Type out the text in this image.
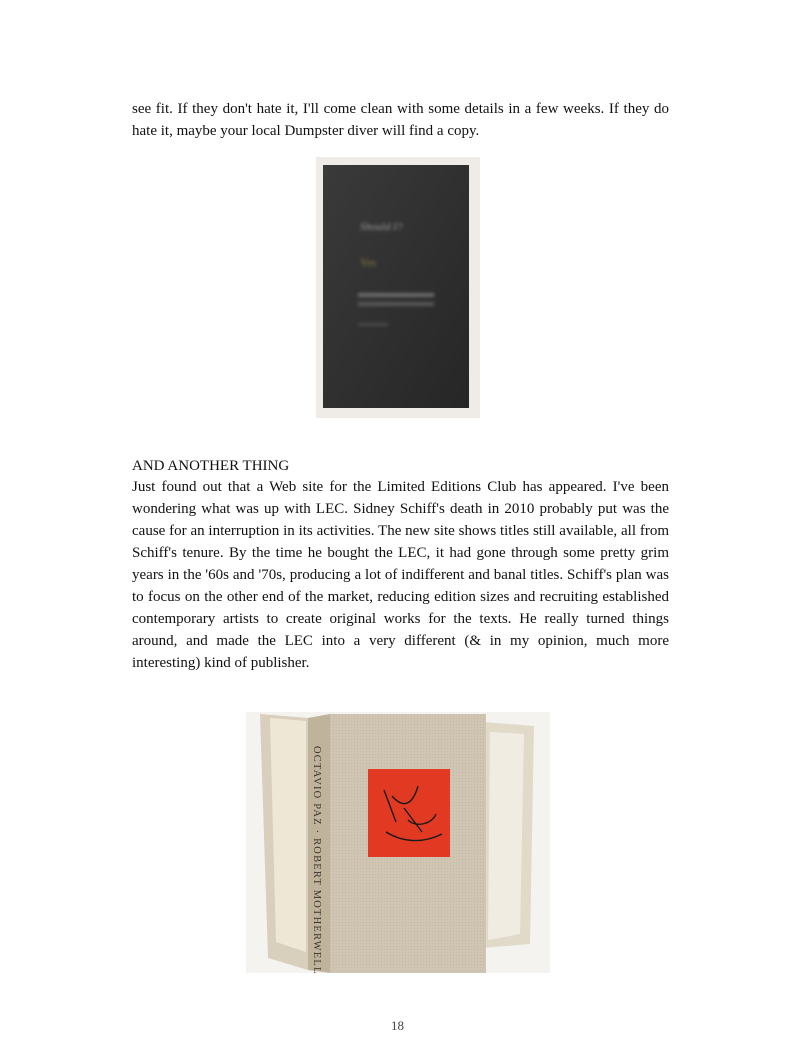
see fit. If they don't hate it, I'll come clean with some details in a few weeks. If they do hate it, maybe your local Dumpster diver will find a copy.

Should I?
Yes

AND ANOTHER THING

Just found out that a Web site for the Limited Editions Club has appeared. I've been wondering what was up with LEC. Sidney Schiff's death in 2010 probably put was the cause for an interruption in its activities. The new site shows titles still available, all from Schiff's tenure. By the time he bought the LEC, it had gone through some pretty grim years in the '60s and '70s, producing a lot of indifferent and banal titles. Schiff's plan was to focus on the other end of the market, reducing edition sizes and recruiting established contemporary artists to create original works for the texts. He really turned things around, and made the LEC into a very different (& in my opinion, much more interesting) kind of publisher.

OCTAVIO PAZ · ROBERT MOTHERWELL
18
